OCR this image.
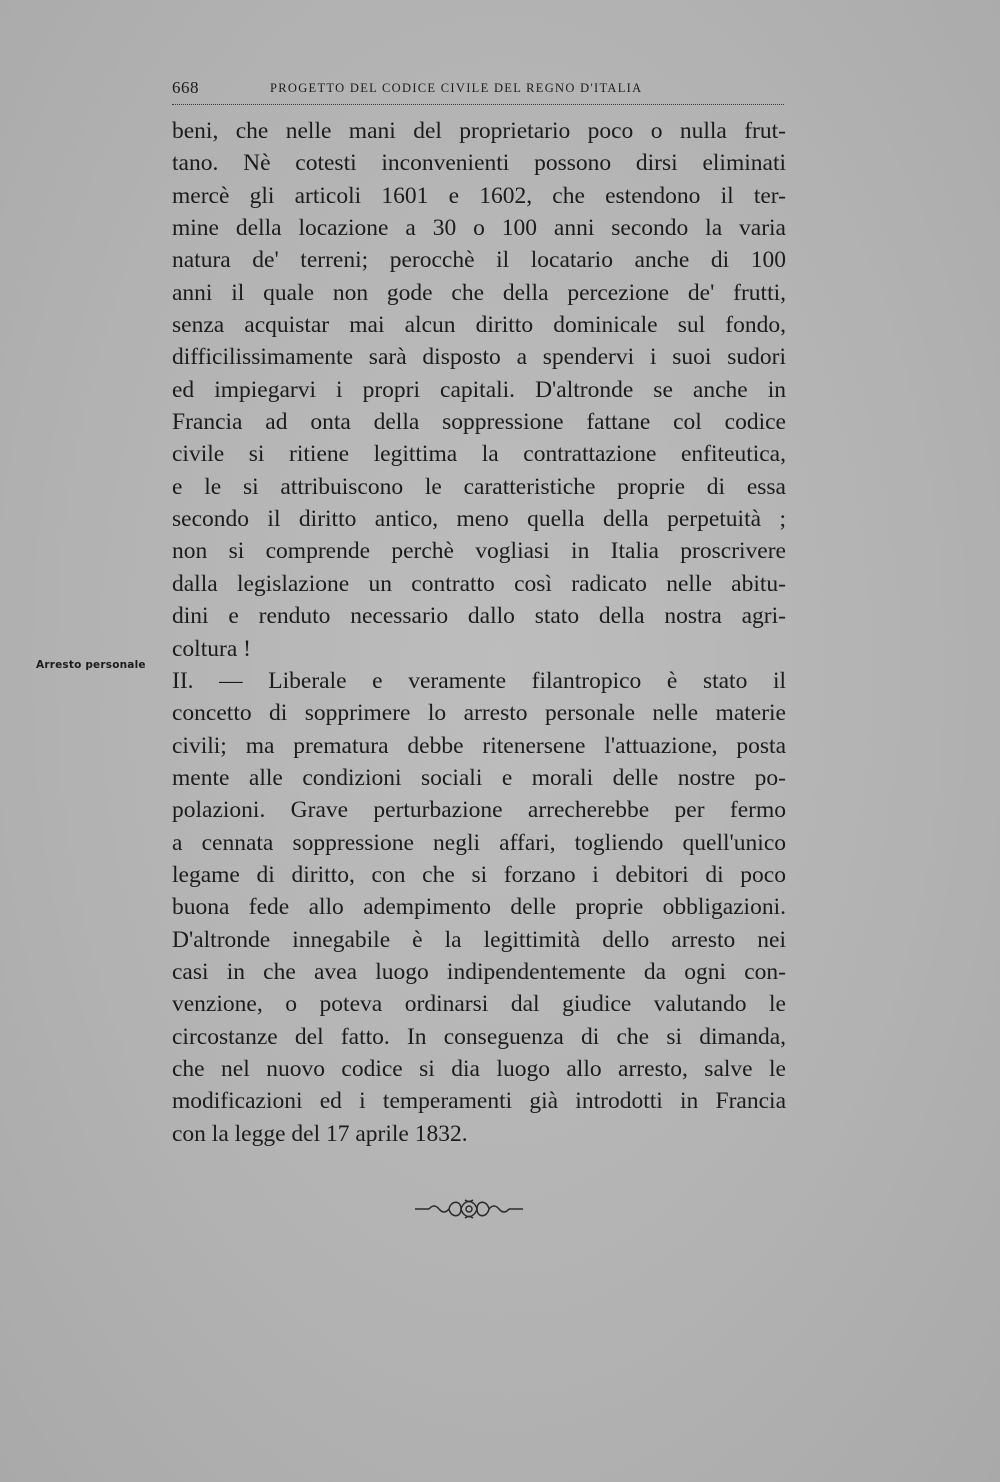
668	PROGETTO DEL CODICE CIVILE DEL REGNO D'ITALIA
Arresto personale
beni, che nelle mani del proprietario poco o nulla frut-
tano. Nè cotesti inconvenienti possono dirsi eliminati
mercè gli articoli 1601 e 1602, che estendono il ter-
mine della locazione a 30 o 100 anni secondo la varia
natura de' terreni; perocchè il locatario anche di 100
anni il quale non gode che della percezione de' frutti,
senza acquistar mai alcun diritto dominicale sul fondo,
difficilissimamente sarà disposto a spendervi i suoi sudori
ed impiegarvi i propri capitali. D'altronde se anche in
Francia ad onta della soppressione fattane col codice
civile si ritiene legittima la contrattazione enfiteutica,
e le si attribuiscono le caratteristiche proprie di essa
secondo il diritto antico, meno quella della perpetuità ;
non si comprende perchè vogliasi in Italia proscrivere
dalla legislazione un contratto così radicato nelle abitu-
dini e renduto necessario dallo stato della nostra agri-
coltura !
II. — Liberale e veramente filantropico è stato il
concetto di sopprimere lo arresto personale nelle materie
civili; ma prematura debbe ritenersene l'attuazione, posta
mente alle condizioni sociali e morali delle nostre po-
polazioni. Grave perturbazione arrecherebbe per fermo
a cennata soppressione negli affari, togliendo quell'unico
legame di diritto, con che si forzano i debitori di poco
buona fede allo adempimento delle proprie obbligazioni.
D'altronde innegabile è la legittimità dello arresto nei
casi in che avea luogo indipendentemente da ogni con-
venzione, o poteva ordinarsi dal giudice valutando le
circostanze del fatto. In conseguenza di che si dimanda,
che nel nuovo codice si dia luogo allo arresto, salve le
modificazioni ed i temperamenti già introdotti in Francia
con la legge del 17 aprile 1832.
